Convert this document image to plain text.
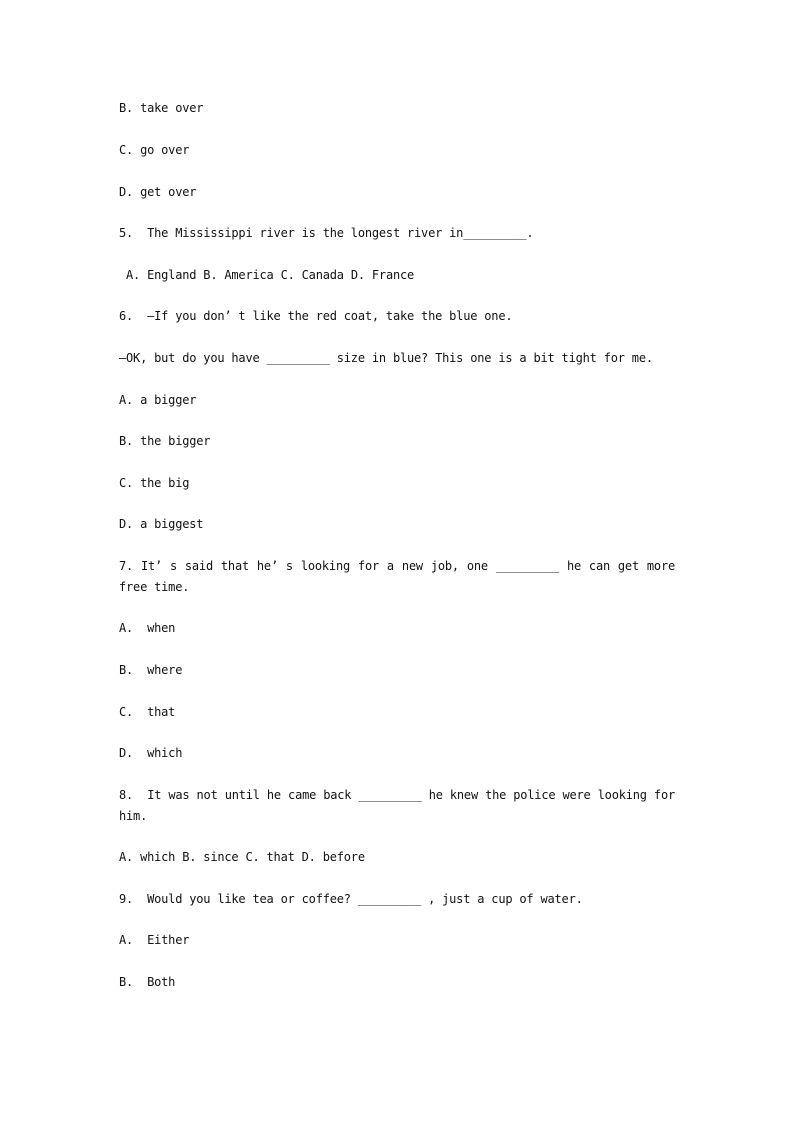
B. take over
C. go over
D. get over
5.  The Mississippi river is the longest river in_________.
A. England B. America C. Canada D. France
6.  —If you don’ t like the red coat, take the blue one.
—OK, but do you have _________ size in blue? This one is a bit tight for me.
A. a bigger
B. the bigger
C. the big
D. a biggest
7. It’ s said that he’ s looking for a new job, one _________ he can get more free time.
A.  when
B.  where
C.  that
D.  which
8.  It was not until he came back _________ he knew the police were looking for him.
A. which B. since C. that D. before
9.  Would you like tea or coffee? _________ , just a cup of water.
A.  Either
B.  Both
